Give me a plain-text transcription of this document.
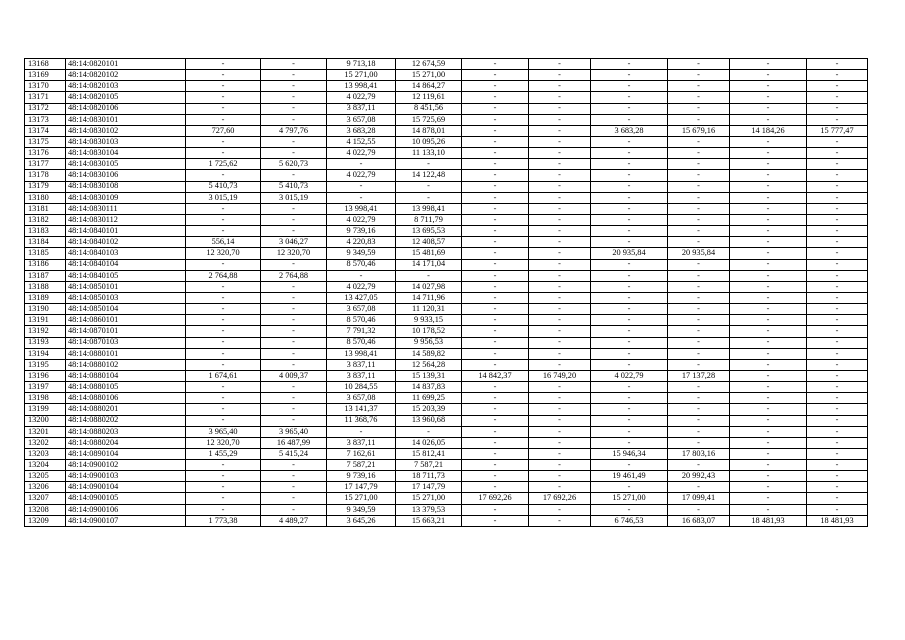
13168	48:14:0820101	-	-	9 713,18	12 674,59	-	-	-	-	-	-
13169	48:14:0820102	-	-	15 271,00	15 271,00	-	-	-	-	-	-
13170	48:14:0820103	-	-	13 998,41	14 864,27	-	-	-	-	-	-
13171	48:14:0820105	-	-	4 022,79	12 119,61	-	-	-	-	-	-
13172	48:14:0820106	-	-	3 837,11	8 451,56	-	-	-	-	-	-
13173	48:14:0830101	-	-	3 657,08	15 725,69	-	-	-	-	-	-
13174	48:14:0830102	727,60	4 797,76	3 683,28	14 878,01	-	-	3 683,28	15 679,16	14 184,26	15 777,47
13175	48:14:0830103	-	-	4 152,55	10 095,26	-	-	-	-	-	-
13176	48:14:0830104	-	-	4 022,79	11 133,10	-	-	-	-	-	-
13177	48:14:0830105	1 725,62	5 620,73	-	-	-	-	-	-	-	-
13178	48:14:0830106	-	-	4 022,79	14 122,48	-	-	-	-	-	-
13179	48:14:0830108	5 410,73	5 410,73	-	-	-	-	-	-	-	-
13180	48:14:0830109	3 015,19	3 015,19	-	-	-	-	-	-	-	-
13181	48:14:0830111	-	-	13 998,41	13 998,41	-	-	-	-	-	-
13182	48:14:0830112	-	-	4 022,79	8 711,79	-	-	-	-	-	-
13183	48:14:0840101	-	-	9 739,16	13 695,53	-	-	-	-	-	-
13184	48:14:0840102	556,14	3 046,27	4 220,83	12 408,57	-	-	-	-	-	-
13185	48:14:0840103	12 320,70	12 320,70	9 349,59	15 481,69	-	-	20 935,84	20 935,84	-	-
13186	48:14:0840104	-	-	8 570,46	14 171,04	-	-	-	-	-	-
13187	48:14:0840105	2 764,88	2 764,88	-	-	-	-	-	-	-	-
13188	48:14:0850101	-	-	4 022,79	14 027,98	-	-	-	-	-	-
13189	48:14:0850103	-	-	13 427,05	14 711,96	-	-	-	-	-	-
13190	48:14:0850104	-	-	3 657,08	11 120,31	-	-	-	-	-	-
13191	48:14:0860101	-	-	8 570,46	9 933,15	-	-	-	-	-	-
13192	48:14:0870101	-	-	7 791,32	10 178,52	-	-	-	-	-	-
13193	48:14:0870103	-	-	8 570,46	9 956,53	-	-	-	-	-	-
13194	48:14:0880101	-	-	13 998,41	14 589,82	-	-	-	-	-	-
13195	48:14:0880102	-	-	3 837,11	12 564,28	-	-	-	-	-	-
13196	48:14:0880104	1 674,61	4 009,37	3 837,11	15 139,31	14 842,37	16 749,20	4 022,79	17 137,28	-	-
13197	48:14:0880105	-	-	10 284,55	14 837,83	-	-	-	-	-	-
13198	48:14:0880106	-	-	3 657,08	11 699,25	-	-	-	-	-	-
13199	48:14:0880201	-	-	13 141,37	15 203,39	-	-	-	-	-	-
13200	48:14:0880202	-	-	11 368,76	13 960,68	-	-	-	-	-	-
13201	48:14:0880203	3 965,40	3 965,40	-	-	-	-	-	-	-	-
13202	48:14:0880204	12 320,70	16 487,99	3 837,11	14 026,05	-	-	-	-	-	-
13203	48:14:0890104	1 455,29	5 415,24	7 162,61	15 812,41	-	-	15 946,34	17 803,16	-	-
13204	48:14:0900102	-	-	7 587,21	7 587,21	-	-	-	-	-	-
13205	48:14:0900103	-	-	9 739,16	18 711,73	-	-	19 461,49	20 992,43	-	-
13206	48:14:0900104	-	-	17 147,79	17 147,79	-	-	-	-	-	-
13207	48:14:0900105	-	-	15 271,00	15 271,00	17 692,26	17 692,26	15 271,00	17 099,41	-	-
13208	48:14:0900106	-	-	9 349,59	13 379,53	-	-	-	-	-	-
13209	48:14:0900107	1 773,38	4 489,27	3 645,26	15 663,21	-	-	6 746,53	16 683,07	18 481,93	18 481,93
